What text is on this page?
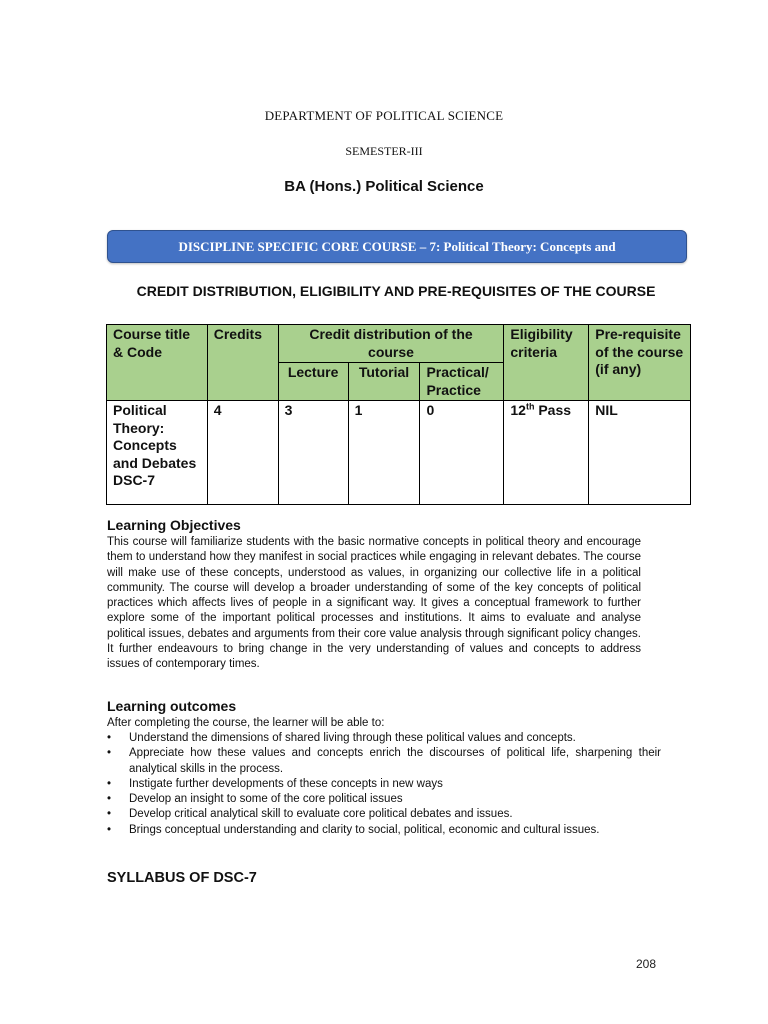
DEPARTMENT OF POLITICAL SCIENCE
SEMESTER-III
BA (Hons.) Political Science
DISCIPLINE SPECIFIC CORE COURSE – 7: Political Theory: Concepts and
CREDIT DISTRIBUTION, ELIGIBILITY AND PRE-REQUISITES OF THE COURSE
Course title & Code	Credits	Credit distribution of the course			Eligibility criteria	Pre-requisite of the course (if any)
		Lecture	Tutorial	Practical/ Practice		
Political Theory: Concepts and Debates DSC-7	4	3	1	0	12th Pass	NIL
Learning Objectives
This course will familiarize students with the basic normative concepts in political theory and encourage them to understand how they manifest in social practices while engaging in relevant debates. The course will make use of these concepts, understood as values, in organizing our collective life in a political community. The course will develop a broader understanding of some of the key concepts of political practices which affects lives of people in a significant way. It gives a conceptual framework to further explore some of the important political processes and institutions. It aims to evaluate and analyse political issues, debates and arguments from their core value analysis through significant policy changes. It further endeavours to bring change in the very understanding of values and concepts to address issues of contemporary times.
Learning outcomes
After completing the course, the learner will be able to:
• Understand the dimensions of shared living through these political values and concepts.
• Appreciate how these values and concepts enrich the discourses of political life, sharpening their analytical skills in the process.
• Instigate further developments of these concepts in new ways
• Develop an insight to some of the core political issues
• Develop critical analytical skill to evaluate core political debates and issues.
• Brings conceptual understanding and clarity to social, political, economic and cultural issues.
SYLLABUS OF DSC-7
208
